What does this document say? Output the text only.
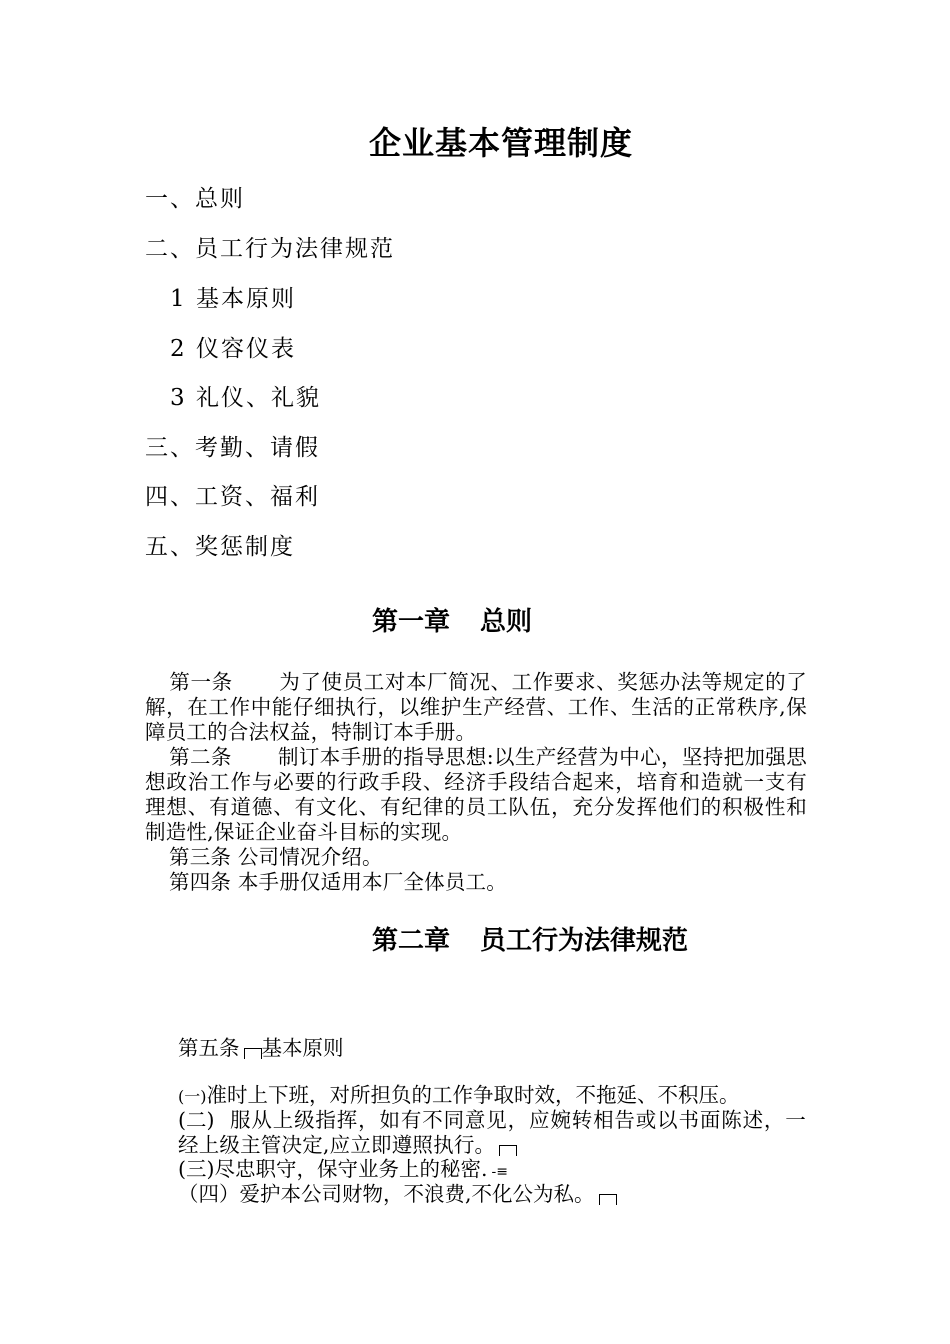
企业基本管理制度
一、总则
二、员工行为法律规范
1 基本原则
2 仪容仪表
3 礼仪、礼貌
三、考勤、请假
四、工资、福利
五、奖惩制度
第一章 总则
第一条 为了使员工对本厂简况、工作要求、奖惩办法等规定的了解，在工作中能仔细执行，以维护生产经营、工作、生活的正常秩序,保障员工的合法权益，特制订本手册。
第二条 制订本手册的指导思想:以生产经营为中心，坚持把加强思想政治工作与必要的行政手段、经济手段结合起来，培育和造就一支有理想、有道德、有文化、有纪律的员工队伍，充分发挥他们的积极性和制造性,保证企业奋斗目标的实现。
第三条 公司情况介绍。
第四条 本手册仅适用本厂全体员工。
第二章 员工行为法律规范
第五条 基本原则
(一)准时上下班，对所担负的工作争取时效，不拖延、不积压。
(二) 服从上级指挥，如有不同意见，应婉转相告或以书面陈述，一经上级主管决定,应立即遵照执行。
(三)尽忠职守，保守业务上的秘密. -≡
（四）爱护本公司财物，不浪费,不化公为私。
